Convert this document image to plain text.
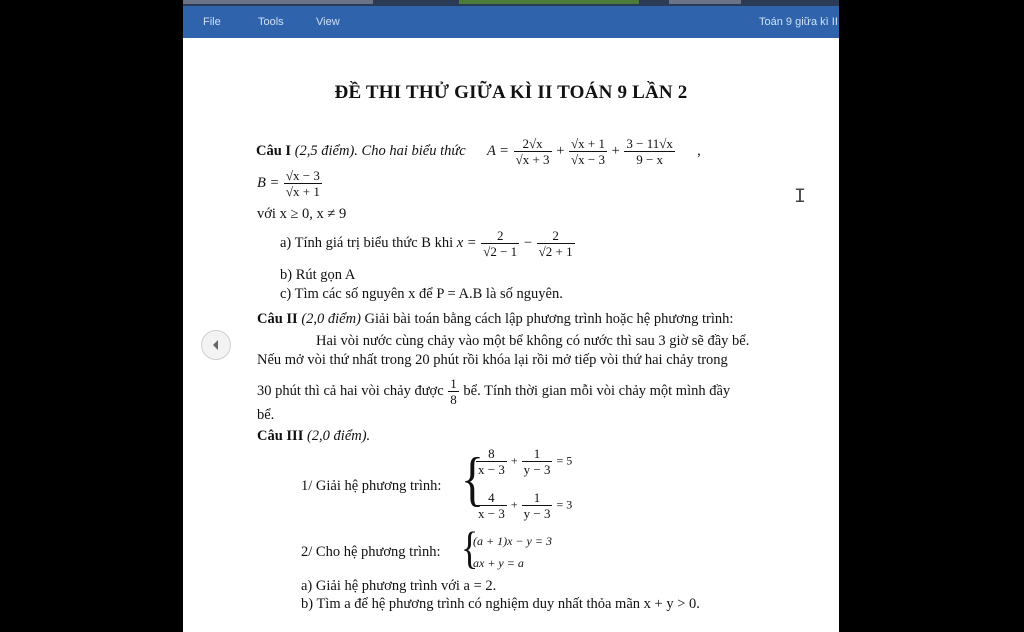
File	Tools	View	Toán 9 giữa kì II
ĐỀ THI THỬ GIỮA KÌ II TOÁN 9 LẦN 2
Câu I (2,5 điểm). Cho hai biểu thức $A = \frac{2√x}{√x + 3} + \frac{√x + 1}{√x - 3} + \frac{3 - 11√x}{9 - x}$ ,
$B = \frac{√x - 3}{√x + 1}$
với x ≥ 0, x ≠ 9
a) Tính giá trị biểu thức B khi $x = \frac{2}{√2 - 1} - \frac{2}{√2 + 1}$
b) Rút gọn A
c) Tìm các số nguyên x để P = A.B là số nguyên.
Câu II (2,0 điểm) Giải bài toán bằng cách lập phương trình hoặc hệ phương trình:
Hai vòi nước cùng chảy vào một bể không có nước thì sau 3 giờ sẽ đầy bể.
Nếu mở vòi thứ nhất trong 20 phút rồi khóa lại rồi mở tiếp vòi thứ hai chảy trong
30 phút thì cả hai vòi chảy được $\frac{1}{8}$ bể. Tính thời gian mỗi vòi chảy một mình đầy
bể.
Câu III (2,0 điểm).
1/ Giải hệ phương trình: {
$\frac{8}{x - 3} + \frac{1}{y - 3} = 5$
$\frac{4}{x - 3} + \frac{1}{y - 3} = 3$
2/ Cho hệ phương trình: {
(a + 1)x − y = 3
ax + y = a
a) Giải hệ phương trình với a = 2.
b) Tìm a để hệ phương trình có nghiệm duy nhất thỏa mãn x + y > 0.
I
